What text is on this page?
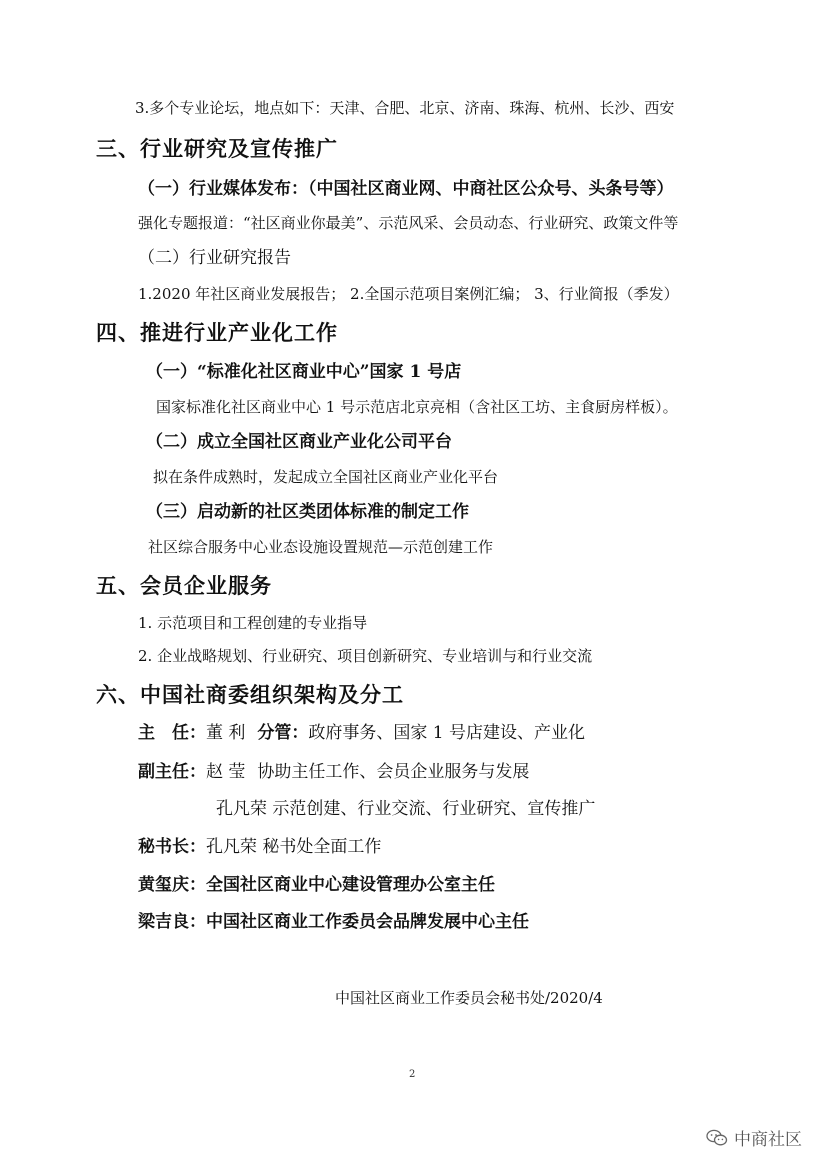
3.多个专业论坛，地点如下：天津、合肥、北京、济南、珠海、杭州、长沙、西安
三、行业研究及宣传推广
（一）行业媒体发布：（中国社区商业网、中商社区公众号、头条号等）
强化专题报道：“社区商业你最美”、示范风采、会员动态、行业研究、政策文件等
（二）行业研究报告
1.2020 年社区商业发展报告； 2.全国示范项目案例汇编； 3、行业简报（季发）
四、推进行业产业化工作
（一）“标准化社区商业中心”国家 1 号店
国家标准化社区商业中心 1 号示范店北京亮相（含社区工坊、主食厨房样板）。
（二）成立全国社区商业产业化公司平台
拟在条件成熟时，发起成立全国社区商业产业化平台
（三）启动新的社区类团体标准的制定工作
社区综合服务中心业态设施设置规范—示范创建工作
五、会员企业服务
1. 示范项目和工程创建的专业指导
2. 企业战略规划、行业研究、项目创新研究、专业培训与和行业交流
六、中国社商委组织架构及分工
主　任：董 利 分管：政府事务、国家 1 号店建设、产业化
副主任：赵 莹 协助主任工作、会员企业服务与发展
孔凡荣 示范创建、行业交流、行业研究、宣传推广
秘书长：孔凡荣 秘书处全面工作
黄玺庆：全国社区商业中心建设管理办公室主任
梁吉良：中国社区商业工作委员会品牌发展中心主任
中国社区商业工作委员会秘书处/2020/4
2
中商社区
